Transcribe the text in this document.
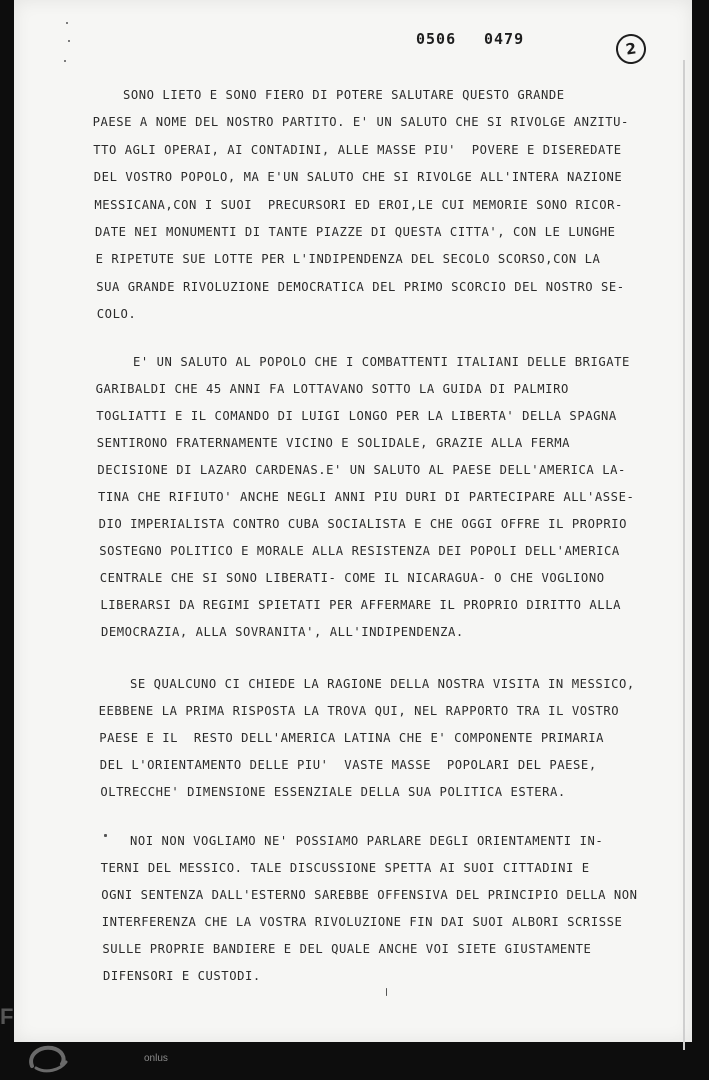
0506 0479
2
SONO LIETO E SONO FIERO DI POTERE SALUTARE QUESTO GRANDE
PAESE A NOME DEL NOSTRO PARTITO. E' UN SALUTO CHE SI RIVOLGE ANZITU-
TTO AGLI OPERAI, AI CONTADINI, ALLE MASSE PIU'  POVERE E DISEREDATE
DEL VOSTRO POPOLO, MA E'UN SALUTO CHE SI RIVOLGE ALL'INTERA NAZIONE
MESSICANA,CON I SUOI  PRECURSORI ED EROI,LE CUI MEMORIE SONO RICOR-
DATE NEI MONUMENTI DI TANTE PIAZZE DI QUESTA CITTA', CON LE LUNGHE
E RIPETUTE SUE LOTTE PER L'INDIPENDENZA DEL SECOLO SCORSO,CON LA
SUA GRANDE RIVOLUZIONE DEMOCRATICA DEL PRIMO SCORCIO DEL NOSTRO SE-
COLO.
E' UN SALUTO AL POPOLO CHE I COMBATTENTI ITALIANI DELLE BRIGATE
GARIBALDI CHE 45 ANNI FA LOTTAVANO SOTTO LA GUIDA DI PALMIRO
TOGLIATTI E IL COMANDO DI LUIGI LONGO PER LA LIBERTA' DELLA SPAGNA
SENTIRONO FRATERNAMENTE VICINO E SOLIDALE, GRAZIE ALLA FERMA
DECISIONE DI LAZARO CARDENAS.E' UN SALUTO AL PAESE DELL'AMERICA LA-
TINA CHE RIFIUTO' ANCHE NEGLI ANNI PIU DURI DI PARTECIPARE ALL'ASSE-
DIO IMPERIALISTA CONTRO CUBA SOCIALISTA E CHE OGGI OFFRE IL PROPRIO
SOSTEGNO POLITICO E MORALE ALLA RESISTENZA DEI POPOLI DELL'AMERICA
CENTRALE CHE SI SONO LIBERATI- COME IL NICARAGUA- O CHE VOGLIONO
LIBERARSI DA REGIMI SPIETATI PER AFFERMARE IL PROPRIO DIRITTO ALLA
DEMOCRAZIA, ALLA SOVRANITA', ALL'INDIPENDENZA.
SE QUALCUNO CI CHIEDE LA RAGIONE DELLA NOSTRA VISITA IN MESSICO,
EEBBENE LA PRIMA RISPOSTA LA TROVA QUI, NEL RAPPORTO TRA IL VOSTRO
PAESE E IL  RESTO DELL'AMERICA LATINA CHE E' COMPONENTE PRIMARIA
DEL L'ORIENTAMENTO DELLE PIU'  VASTE MASSE  POPOLARI DEL PAESE,
OLTRECCHE' DIMENSIONE ESSENZIALE DELLA SUA POLITICA ESTERA.
NOI NON VOGLIAMO NE' POSSIAMO PARLARE DEGLI ORIENTAMENTI IN-
TERNI DEL MESSICO. TALE DISCUSSIONE SPETTA AI SUOI CITTADINI E
OGNI SENTENZA DALL'ESTERNO SAREBBE OFFENSIVA DEL PRINCIPIO DELLA NON
INTERFERENZA CHE LA VOSTRA RIVOLUZIONE FIN DAI SUOI ALBORI SCRISSE
SULLE PROPRIE BANDIERE E DEL QUALE ANCHE VOI SIETE GIUSTAMENTE
DIFENSORI E CUSTODI.
F
onlus
